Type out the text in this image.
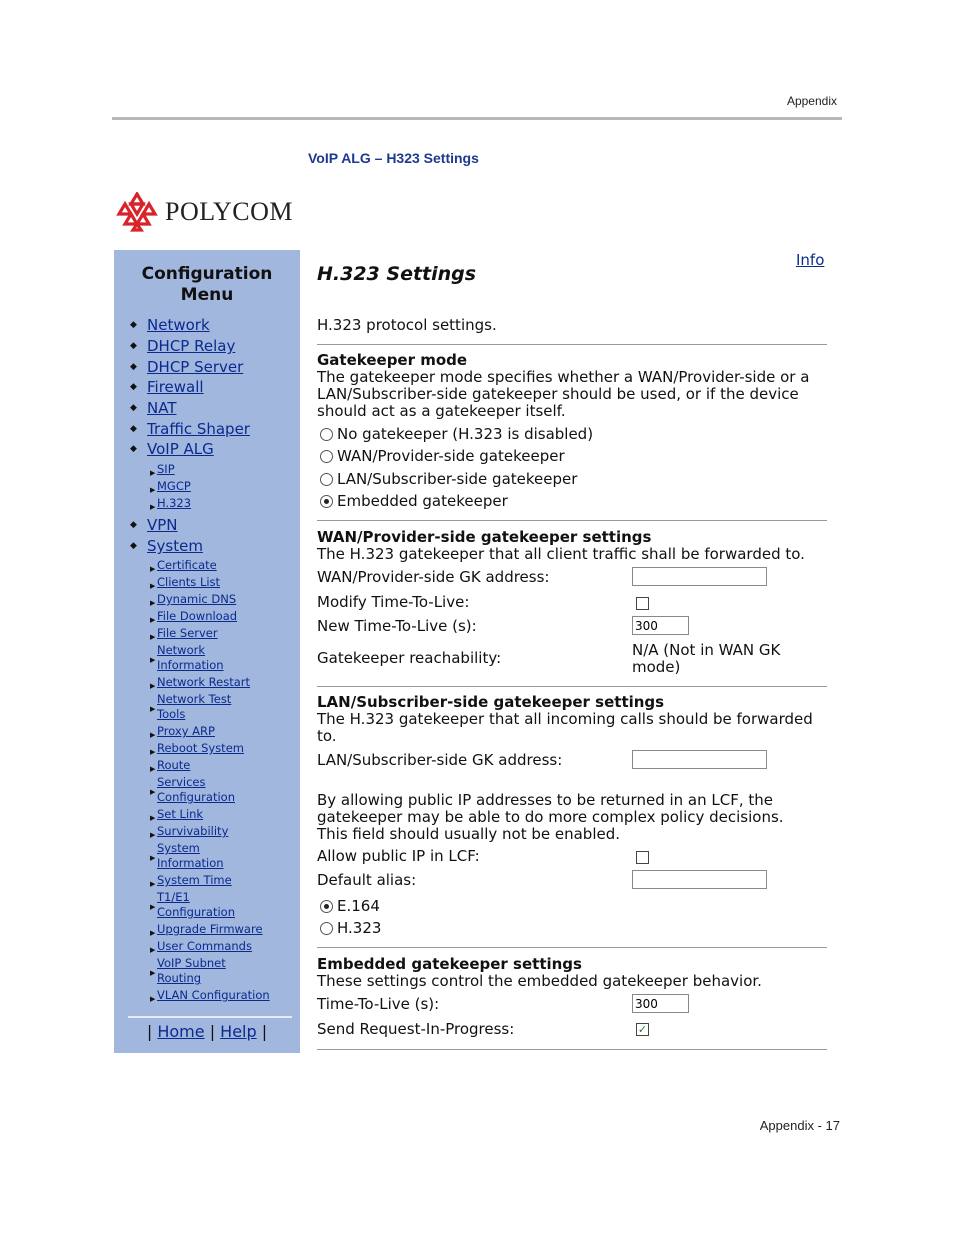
Appendix
VoIP ALG – H323 Settings
POLYCOM
Configuration
Menu
◆ Network
◆ DHCP Relay
◆ DHCP Server
◆ Firewall
◆ NAT
◆ Traffic Shaper
◆ VoIP ALG
▶ SIP
▶ MGCP
▶ H.323
◆ VPN
◆ System
▶ Certificate
▶ Clients List
▶ Dynamic DNS
▶ File Download
▶ File Server
▶
Network
Information
▶ Network Restart
▶
Network Test
Tools
▶ Proxy ARP
▶ Reboot System
▶ Route
▶
Services
Configuration
▶ Set Link
▶ Survivability
▶
System
Information
▶ System Time
▶
T1/E1
Configuration
▶ Upgrade Firmware
▶ User Commands
▶
VoIP Subnet
Routing
▶ VLAN Configuration
| Home | Help |
Info
H.323 Settings
H.323 protocol settings.
Gatekeeper mode
The gatekeeper mode specifies whether a WAN/Provider-side or a
LAN/Subscriber-side gatekeeper should be used, or if the device
should act as a gatekeeper itself.
No gatekeeper (H.323 is disabled)
WAN/Provider-side gatekeeper
LAN/Subscriber-side gatekeeper
Embedded gatekeeper
WAN/Provider-side gatekeeper settings
The H.323 gatekeeper that all client traffic shall be forwarded to.
WAN/Provider-side GK address:
Modify Time-To-Live:
New Time-To-Live (s):
300
Gatekeeper reachability:	N/A (Not in WAN GK
mode)
LAN/Subscriber-side gatekeeper settings
The H.323 gatekeeper that all incoming calls should be forwarded
to.
LAN/Subscriber-side GK address:
By allowing public IP addresses to be returned in an LCF, the
gatekeeper may be able to do more complex policy decisions.
This field should usually not be enabled.
Allow public IP in LCF:
Default alias:
E.164
H.323
Embedded gatekeeper settings
These settings control the embedded gatekeeper behavior.
Time-To-Live (s):
300
Send Request-In-Progress:	✓
Appendix - 17
